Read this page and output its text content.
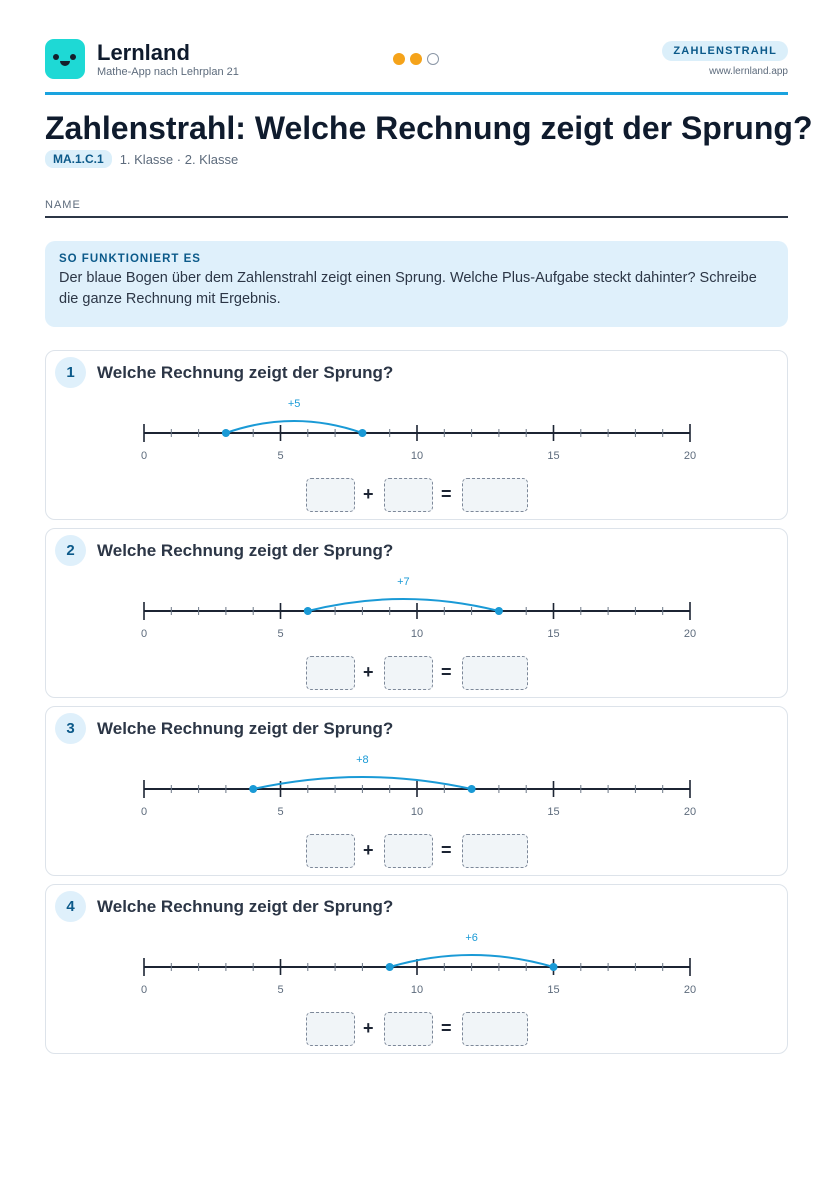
Lernland
Mathe-App nach Lehrplan 21
ZAHLENSTRAHL
www.lernland.app
Zahlenstrahl: Welche Rechnung zeigt der Sprung?
MA.1.C.1	1. Klasse · 2. Klasse
NAME
SO FUNKTIONIERT ES
Der blaue Bogen über dem Zahlenstrahl zeigt einen Sprung. Welche Plus-Aufgabe steckt dahinter? Schreibe die ganze Rechnung mit Ergebnis.
1	Welche Rechnung zeigt der Sprung?
0	5	10	15	20
+5
+	=
2	Welche Rechnung zeigt der Sprung?
0	5	10	15	20
+7
+	=
3	Welche Rechnung zeigt der Sprung?
0	5	10	15	20
+8
+	=
4	Welche Rechnung zeigt der Sprung?
0	5	10	15	20
+6
+	=
